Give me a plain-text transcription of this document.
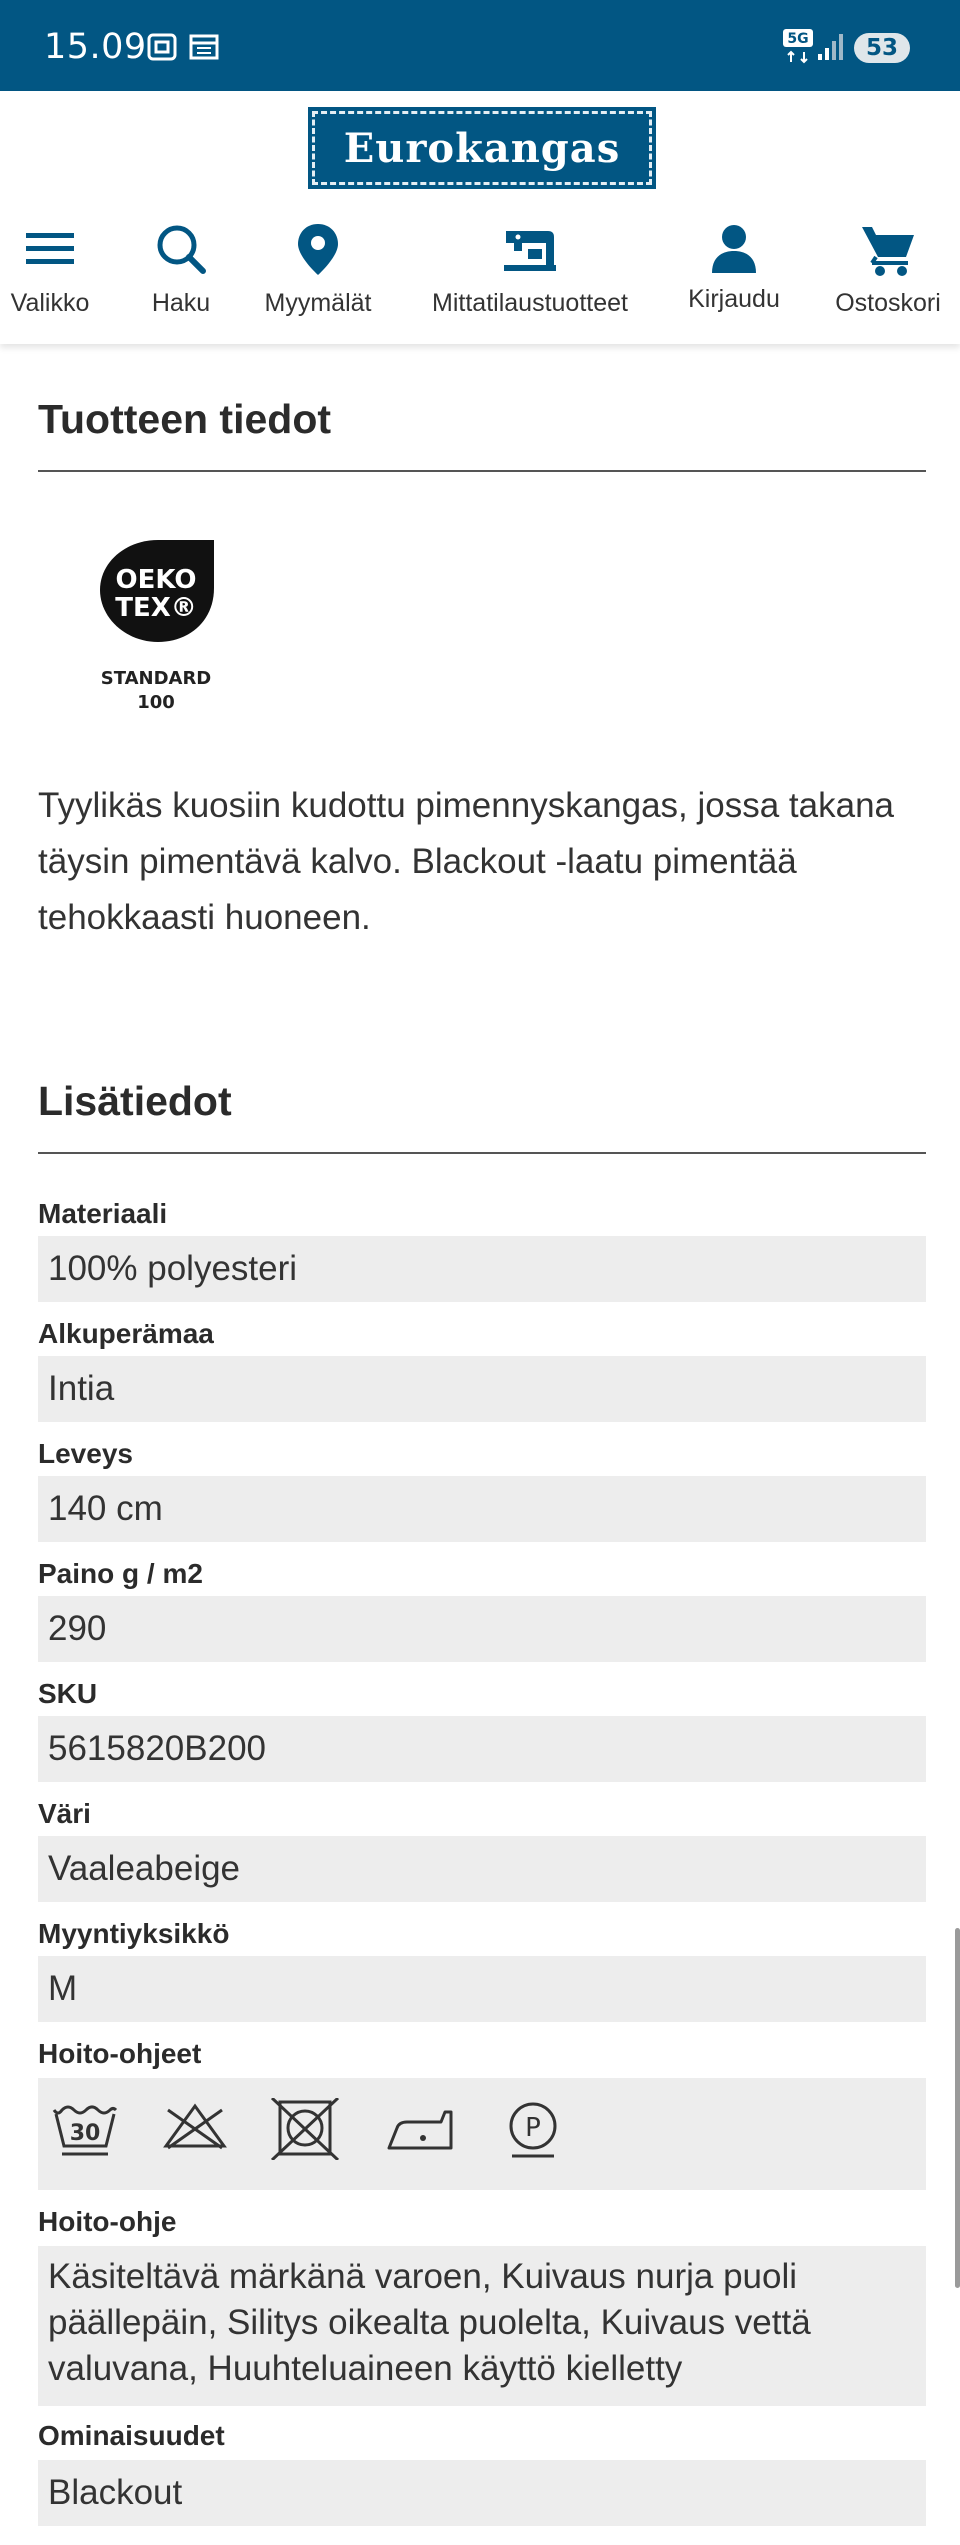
15.09	5G	53
Eurokangas
Valikko Haku Myymälät Mittatilaustuotteet Kirjaudu Ostoskori
Tuotteen tiedot
OEKO
TEX®
STANDARD
100

Tyylikäs kuosiin kudottu pimennyskangas, jossa takana täysin pimentävä kalvo. Blackout -laatu pimentää tehokkaasti huoneen.

Lisätiedot
Materiaali
100% polyesteri
Alkuperämaa
Intia
Leveys
140 cm
Paino g / m2
290
SKU
5615820B200
Väri
Vaaleabeige
Myyntiyksikkö
M
Hoito-ohjeet
30	P
Hoito-ohje
Käsiteltävä märkänä varoen, Kuivaus nurja puoli päällepäin, Silitys oikealta puolelta, Kuivaus vettä valuvana, Huuhteluaineen käyttö kielletty
Ominaisuudet
Blackout
